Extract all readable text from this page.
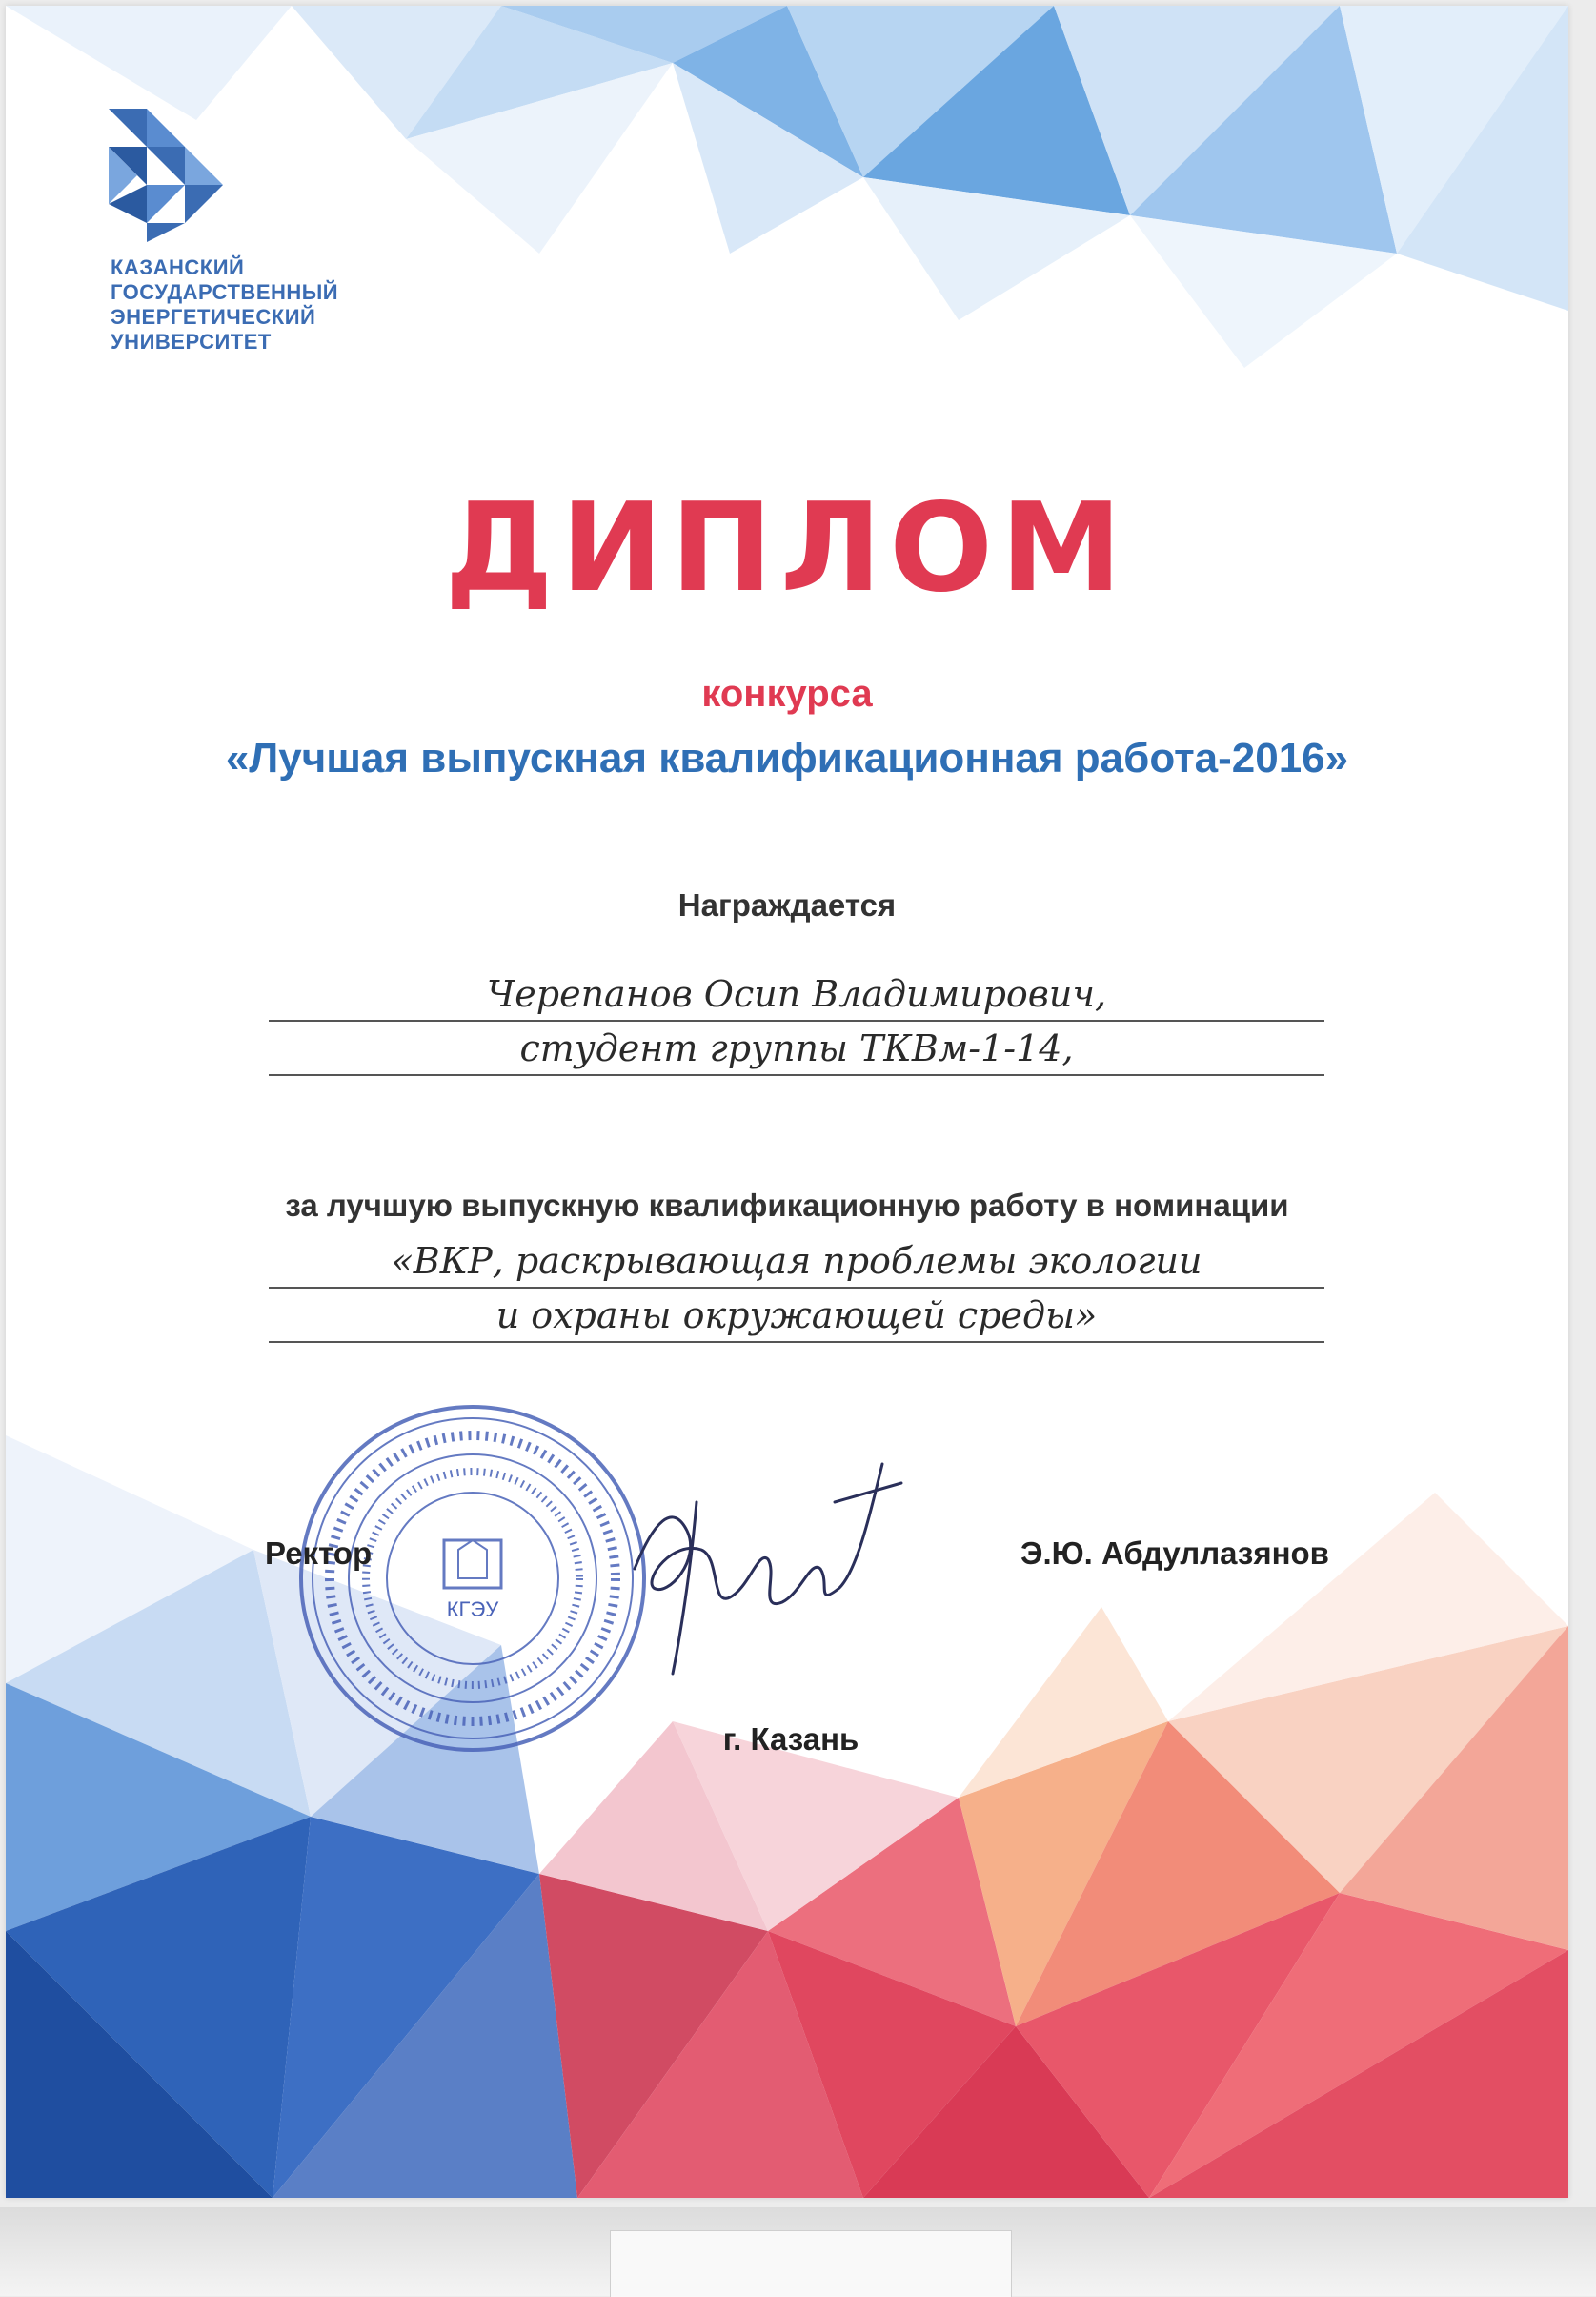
КАЗАНСКИЙ
ГОСУДАРСТВЕННЫЙ
ЭНЕРГЕТИЧЕСКИЙ
УНИВЕРСИТЕТ
ДИПЛОМ
конкурса
«Лучшая выпускная квалификационная работа-2016»
Награждается
Черепанов Осип Владимирович,
студент группы ТКВм-1-14,
за лучшую выпускную квалификационную работу в номинации
«ВКР, раскрывающая проблемы экологии
и охраны окружающей среды»
КГЭУ
Ректор	Э.Ю. Абдуллазянов
г. Казань
